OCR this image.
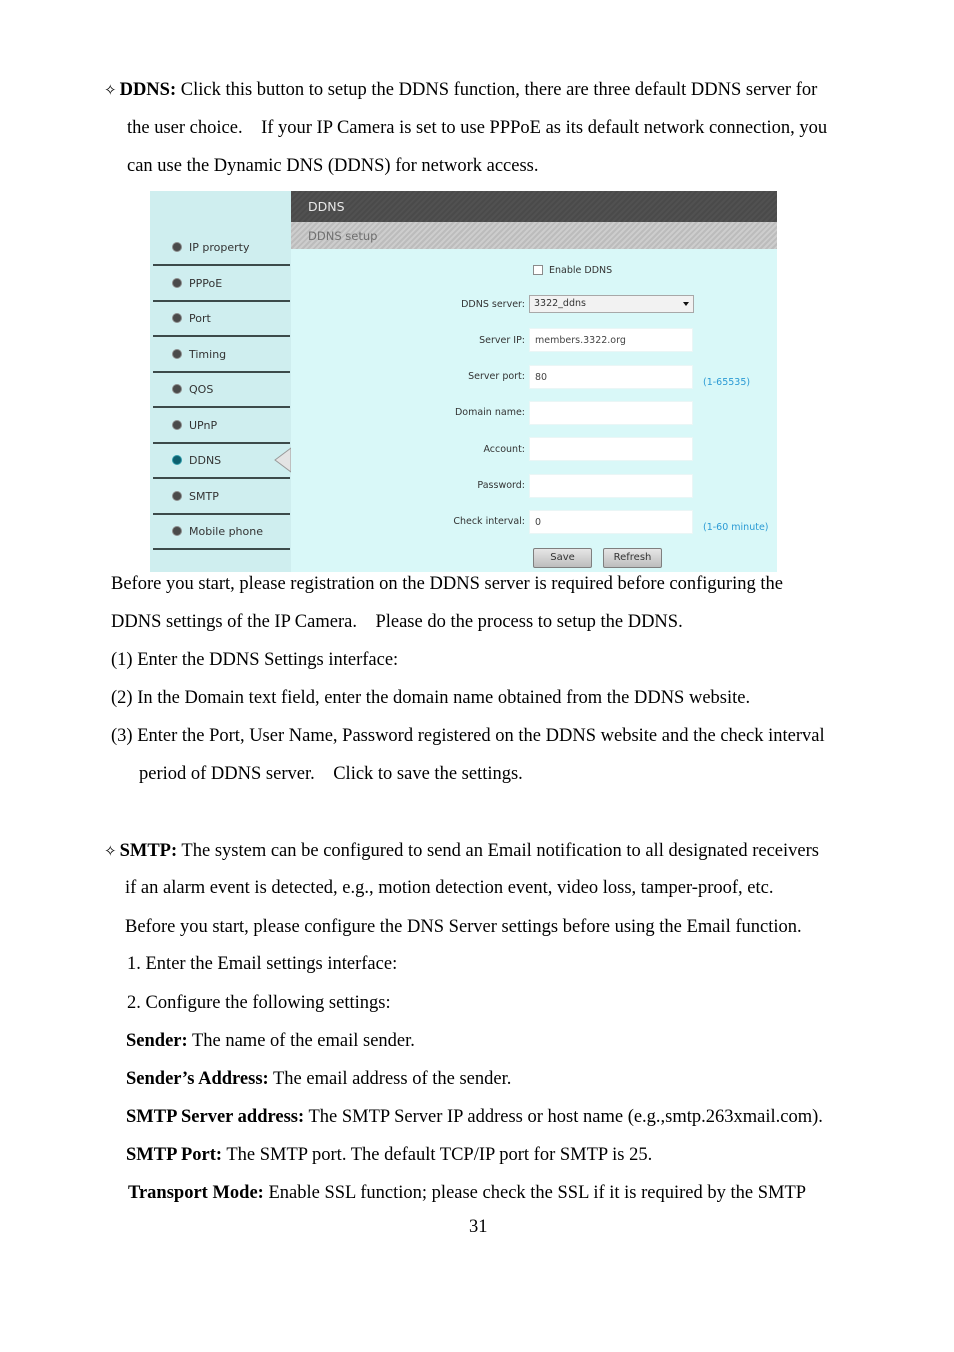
✧ DDNS: Click this button to setup the DDNS function, there are three default DDNS server for
the user choice.    If your IP Camera is set to use PPPoE as its default network connection, you
can use the Dynamic DNS (DDNS) for network access.
IP property
PPPoE
Port
Timing
QOS
UPnP
DDNS
SMTP
Mobile phone
DDNS
DDNS setup
Enable DDNS
DDNS server: 3322_ddns
Server IP:	members.3322.org
Server port:	80	(1-65535)
Domain name:
Account:
Password:
Check interval:	0	(1-60 minute)
Save	Refresh
Before you start, please registration on the DDNS server is required before configuring the
DDNS settings of the IP Camera.    Please do the process to setup the DDNS.
(1) Enter the DDNS Settings interface:
(2) In the Domain text field, enter the domain name obtained from the DDNS website.
(3) Enter the Port, User Name, Password registered on the DDNS website and the check interval
period of DDNS server.    Click to save the settings.
✧ SMTP: The system can be configured to send an Email notification to all designated receivers
if an alarm event is detected, e.g., motion detection event, video loss, tamper-proof, etc.
Before you start, please configure the DNS Server settings before using the Email function.
1. Enter the Email settings interface:
2. Configure the following settings:
Sender: The name of the email sender.
Sender’s Address: The email address of the sender.
SMTP Server address: The SMTP Server IP address or host name (e.g.,smtp.263xmail.com).
SMTP Port: The SMTP port. The default TCP/IP port for SMTP is 25.
Transport Mode: Enable SSL function; please check the SSL if it is required by the SMTP
31
